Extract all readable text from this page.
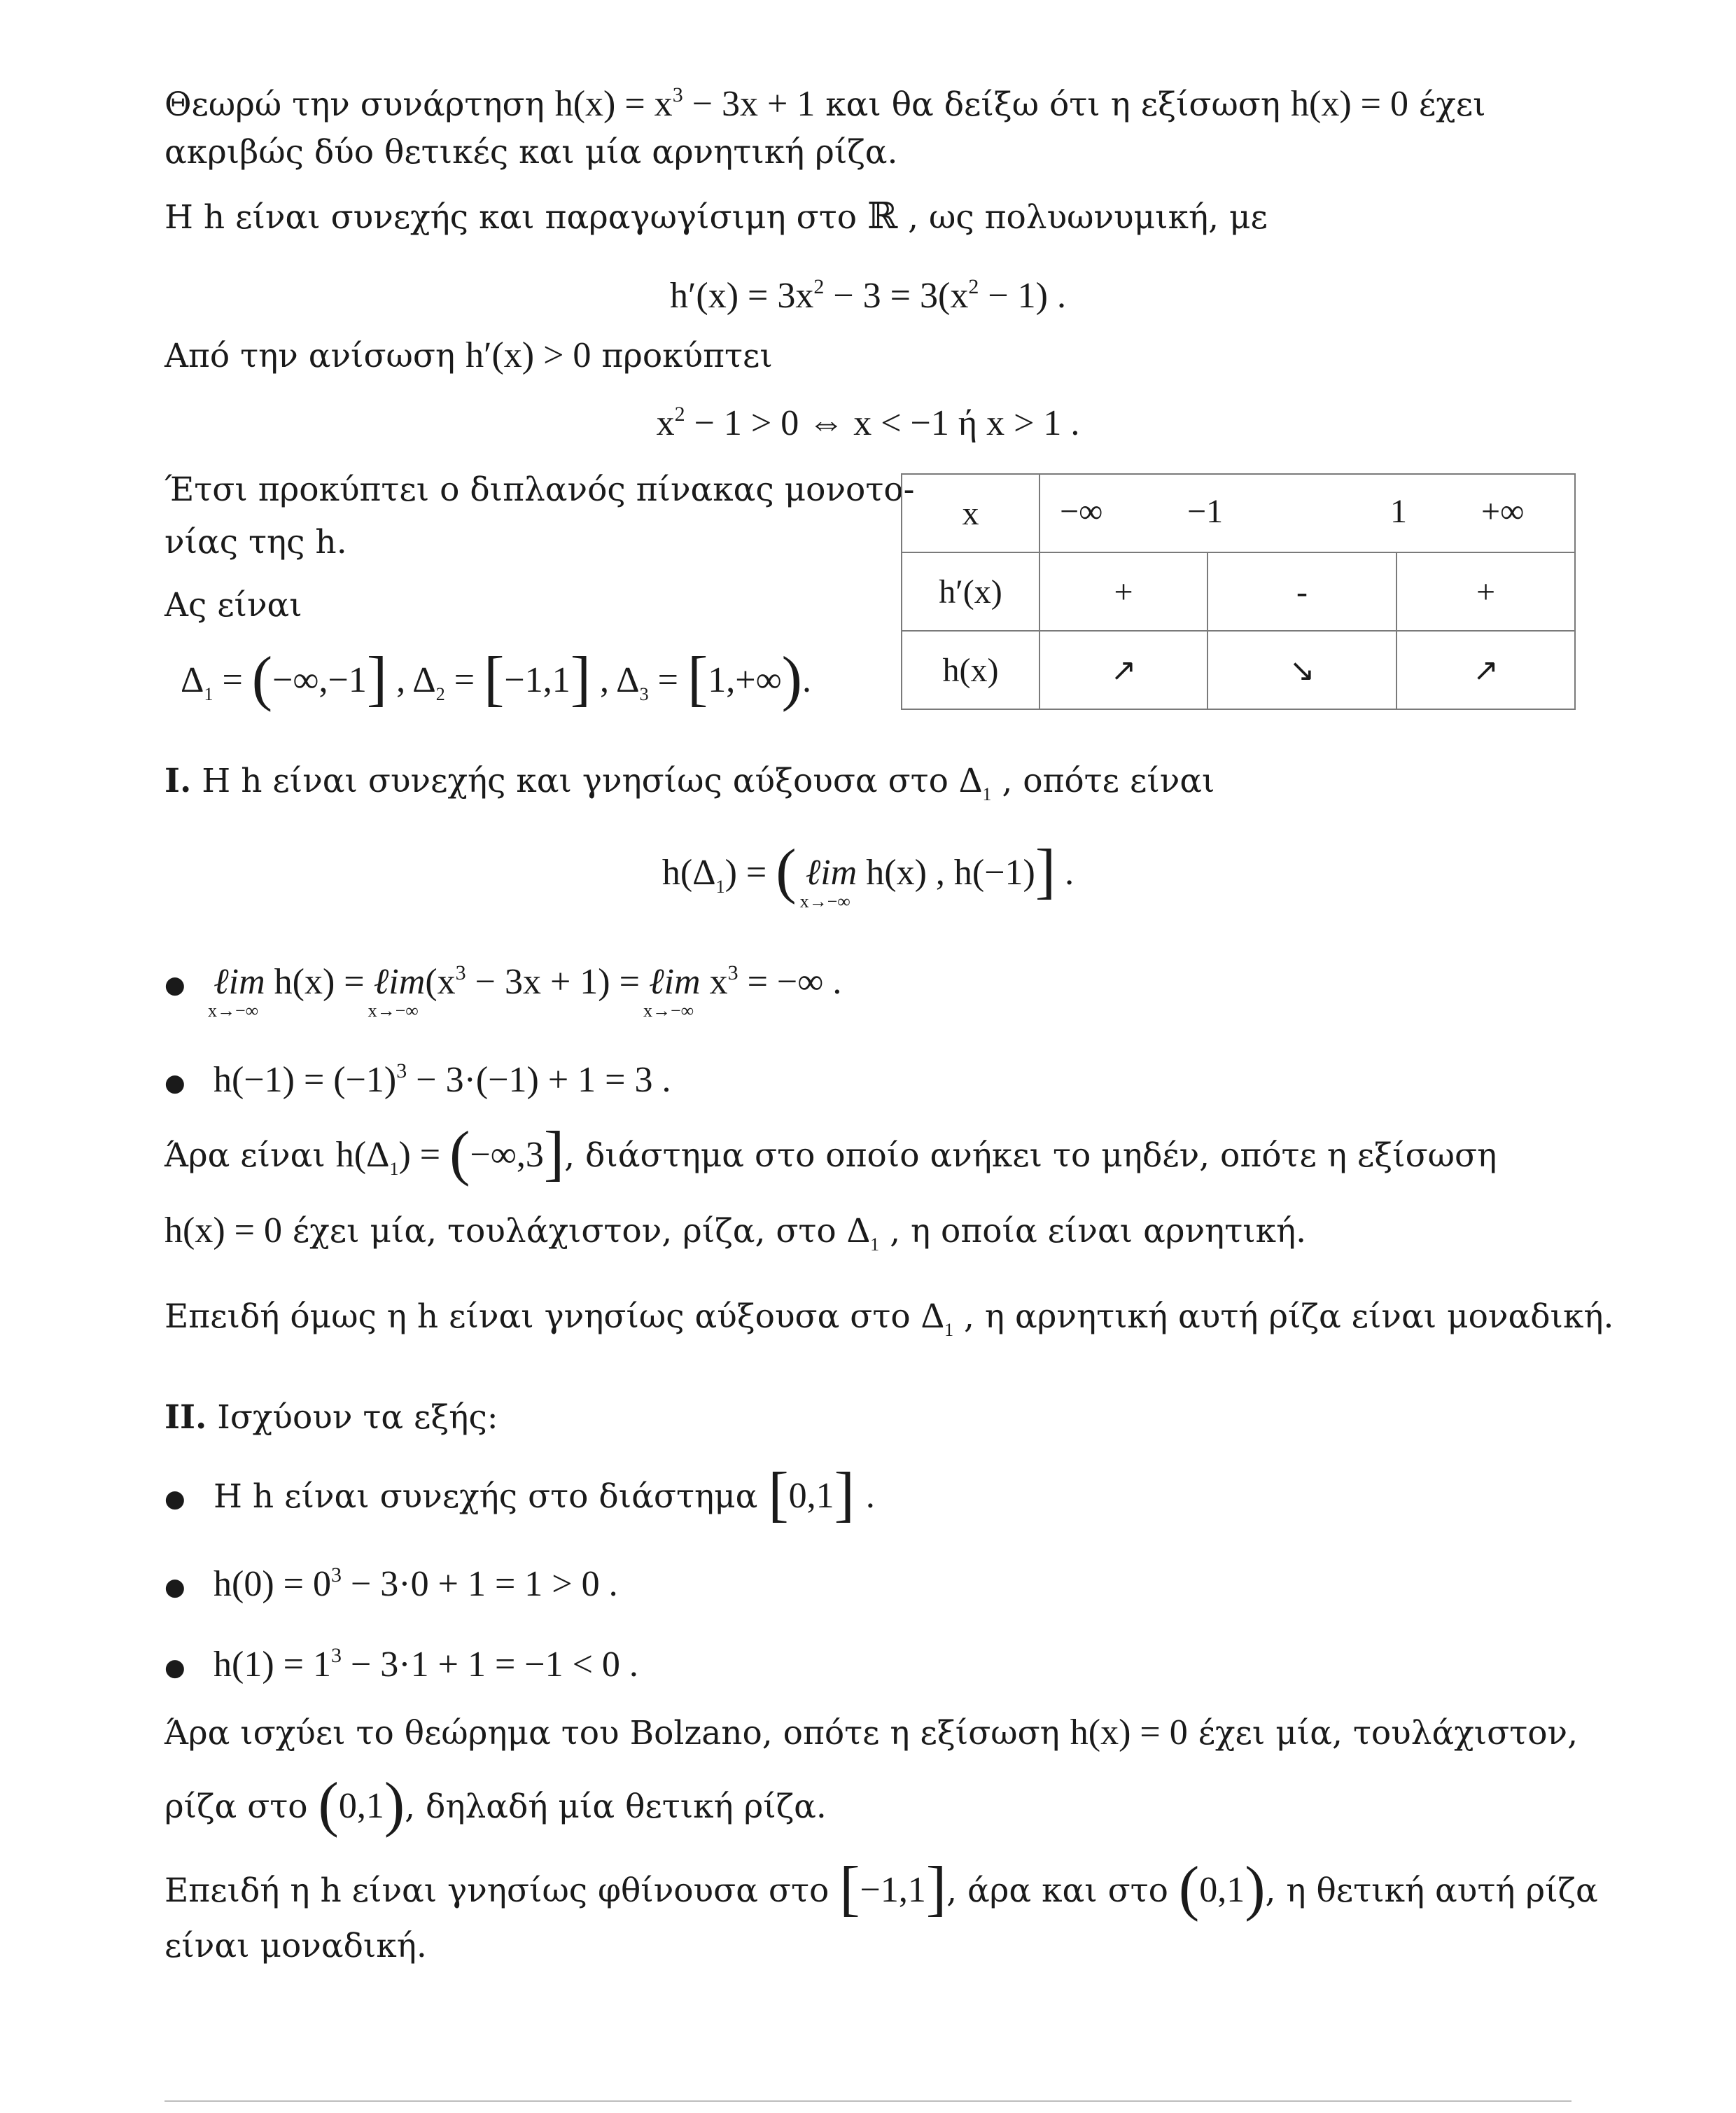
Θεωρώ την συνάρτηση $h(x) = x^3 - 3x + 1$ και θα δείξω ότι η εξίσωση h(x) = 0 έχει
ακριβώς δύο θετικές και μία αρνητική ρίζα.
Η h είναι συνεχής και παραγωγίσιμη στο ℝ , ως πολυωνυμική, με
$h'(x) = 3x^2 - 3 = 3(x^2 - 1)$ .
Από την ανίσωση h′(x) > 0 προκύπτει
$x^2 - 1 > 0$ ⇔ x < −1 ή x > 1 .
Έτσι προκύπτει ο διπλανός πίνακας μονοτο-
νίας της h.
Ας είναι
$\Delta_1 = (-\infty,-1]$ , $\Delta_2 = [-1,1]$ , $\Delta_3 = [1,+\infty)$.
x	−∞ −1 1 +∞		

h′(x)	+	-	+
h(x)	↗	↘	↗
I. Η h είναι συνεχής και γνησίως αύξουσα στο $\Delta_1$ , οπότε είναι
$h(\Delta_1)$ = ( ℓim
x→−∞
h(x) , h(−1)] .
● ℓim
x→−∞
h(x) = ℓim
x→−∞
$(x^3 - 3x + 1)$ = ℓim
x→−∞
$x^3$ = −∞ .
● $h(-1) = (-1)^3 - 3\cdot(-1) + 1 = 3$ .
Άρα είναι $h(\Delta_1) = (-\infty,3]$, διάστημα στο οποίο ανήκει το μηδέν, οπότε η εξίσωση
h(x) = 0 έχει μία, τουλάχιστον, ρίζα, στο $\Delta_1$ , η οποία είναι αρνητική.
Επειδή όμως η h είναι γνησίως αύξουσα στο $\Delta_1$ , η αρνητική αυτή ρίζα είναι μοναδική.
II. Ισχύουν τα εξής:
● Η h είναι συνεχής στο διάστημα [0,1] .
● $h(0) = 0^3 - 3\cdot 0 + 1 = 1 > 0$ .
● $h(1) = 1^3 - 3\cdot 1 + 1 = -1 < 0$ .
Άρα ισχύει το θεώρημα του Bolzano, οπότε η εξίσωση h(x) = 0 έχει μία, τουλάχιστον,
ρίζα στο (0,1), δηλαδή μία θετική ρίζα.
Επειδή η h είναι γνησίως φθίνουσα στο [−1,1], άρα και στο (0,1), η θετική αυτή ρίζα
είναι μοναδική.
